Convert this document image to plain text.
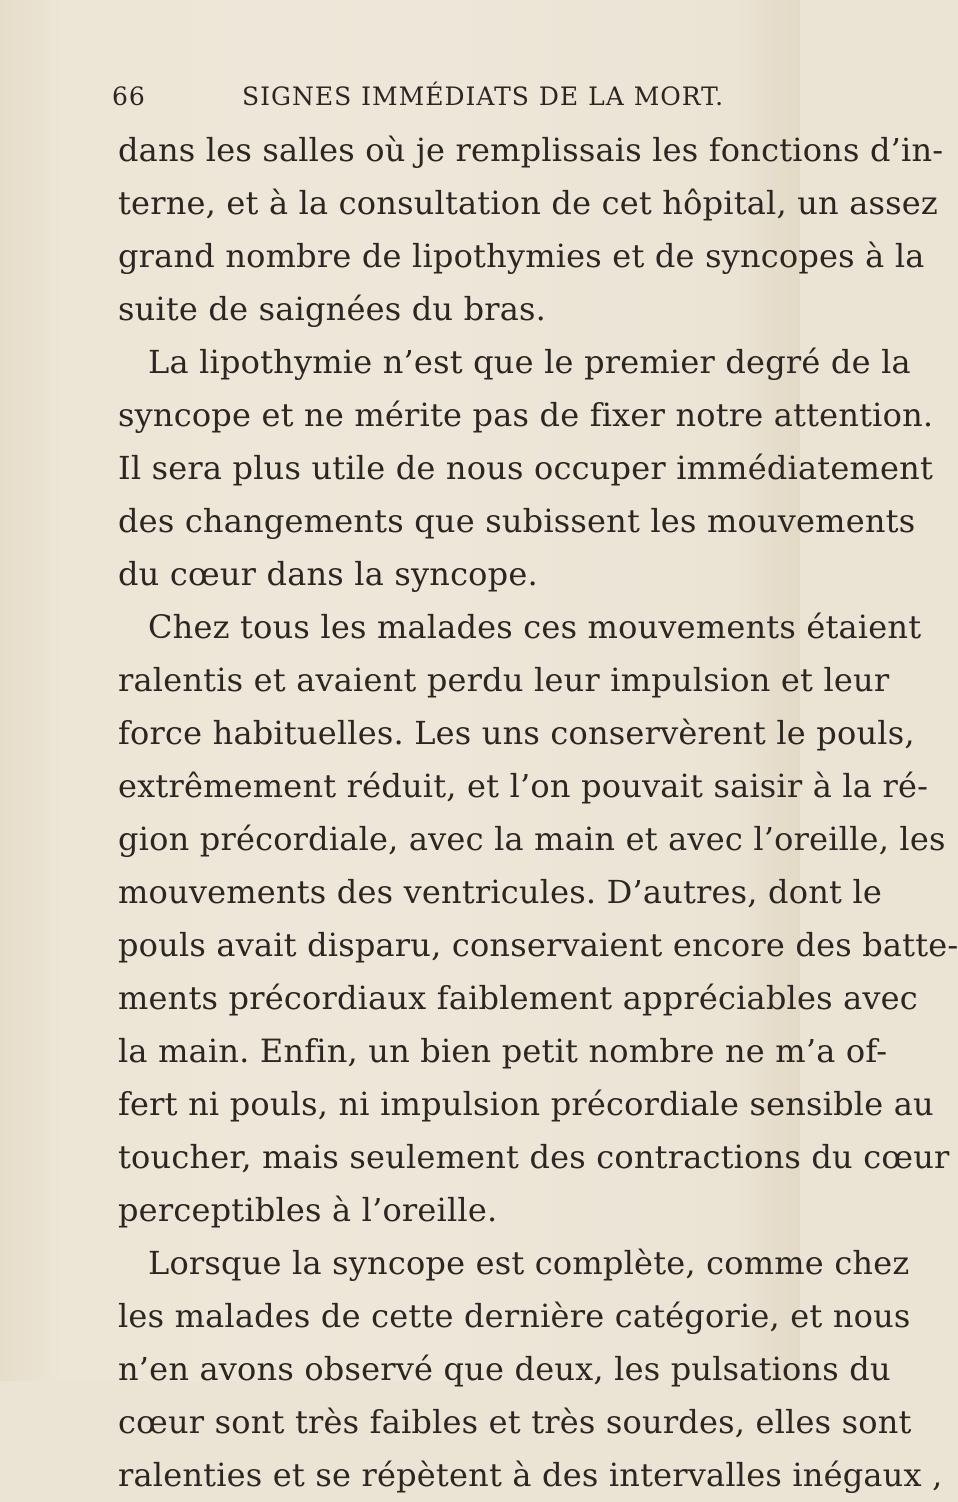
66	SIGNES IMMÉDIATS DE LA MORT.
dans les salles où je remplissais les fonctions d’in-
terne, et à la consultation de cet hôpital, un assez
grand nombre de lipothymies et de syncopes à la
suite de saignées du bras.
La lipothymie n’est que le premier degré de la
syncope et ne mérite pas de fixer notre attention.
Il sera plus utile de nous occuper immédiatement
des changements que subissent les mouvements
du cœur dans la syncope.
Chez tous les malades ces mouvements étaient
ralentis et avaient perdu leur impulsion et leur
force habituelles. Les uns conservèrent le pouls,
extrêmement réduit, et l’on pouvait saisir à la ré-
gion précordiale, avec la main et avec l’oreille, les
mouvements des ventricules. D’autres, dont le
pouls avait disparu, conservaient encore des batte-
ments précordiaux faiblement appréciables avec
la main. Enfin, un bien petit nombre ne m’a of-
fert ni pouls, ni impulsion précordiale sensible au
toucher, mais seulement des contractions du cœur
perceptibles à l’oreille.
Lorsque la syncope est complète, comme chez
les malades de cette dernière catégorie, et nous
n’en avons observé que deux, les pulsations du
cœur sont très faibles et très sourdes, elles sont
ralenties et se répètent à des intervalles inégaux ,
